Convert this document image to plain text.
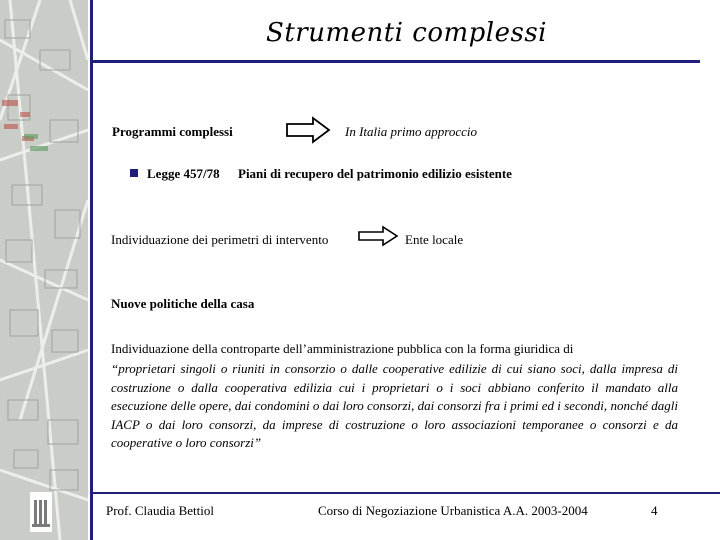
Strumenti complessi
Programmi complessi	In Italia primo approccio
Legge 457/78 Piani di recupero del patrimonio edilizio esistente
Individuazione dei perimetri di intervento	Ente locale
Nuove politiche della casa
Individuazione della controparte dell’amministrazione pubblica con la forma giuridica di
“proprietari singoli o riuniti in consorzio o dalle cooperative edilizie di cui siano soci, dalla impresa di costruzione o dalla cooperativa edilizia cui i proprietari o i soci abbiano conferito il mandato alla esecuzione delle opere, dai condomini o dai loro consorzi, dai consorzi fra i primi ed i secondi, nonché dagli IACP o dai loro consorzi, da imprese di costruzione o loro associazioni temporanee o consorzi e da cooperative o loro consorzi”
Prof. Claudia Bettiol	Corso di Negoziazione Urbanistica A.A. 2003-2004	4
